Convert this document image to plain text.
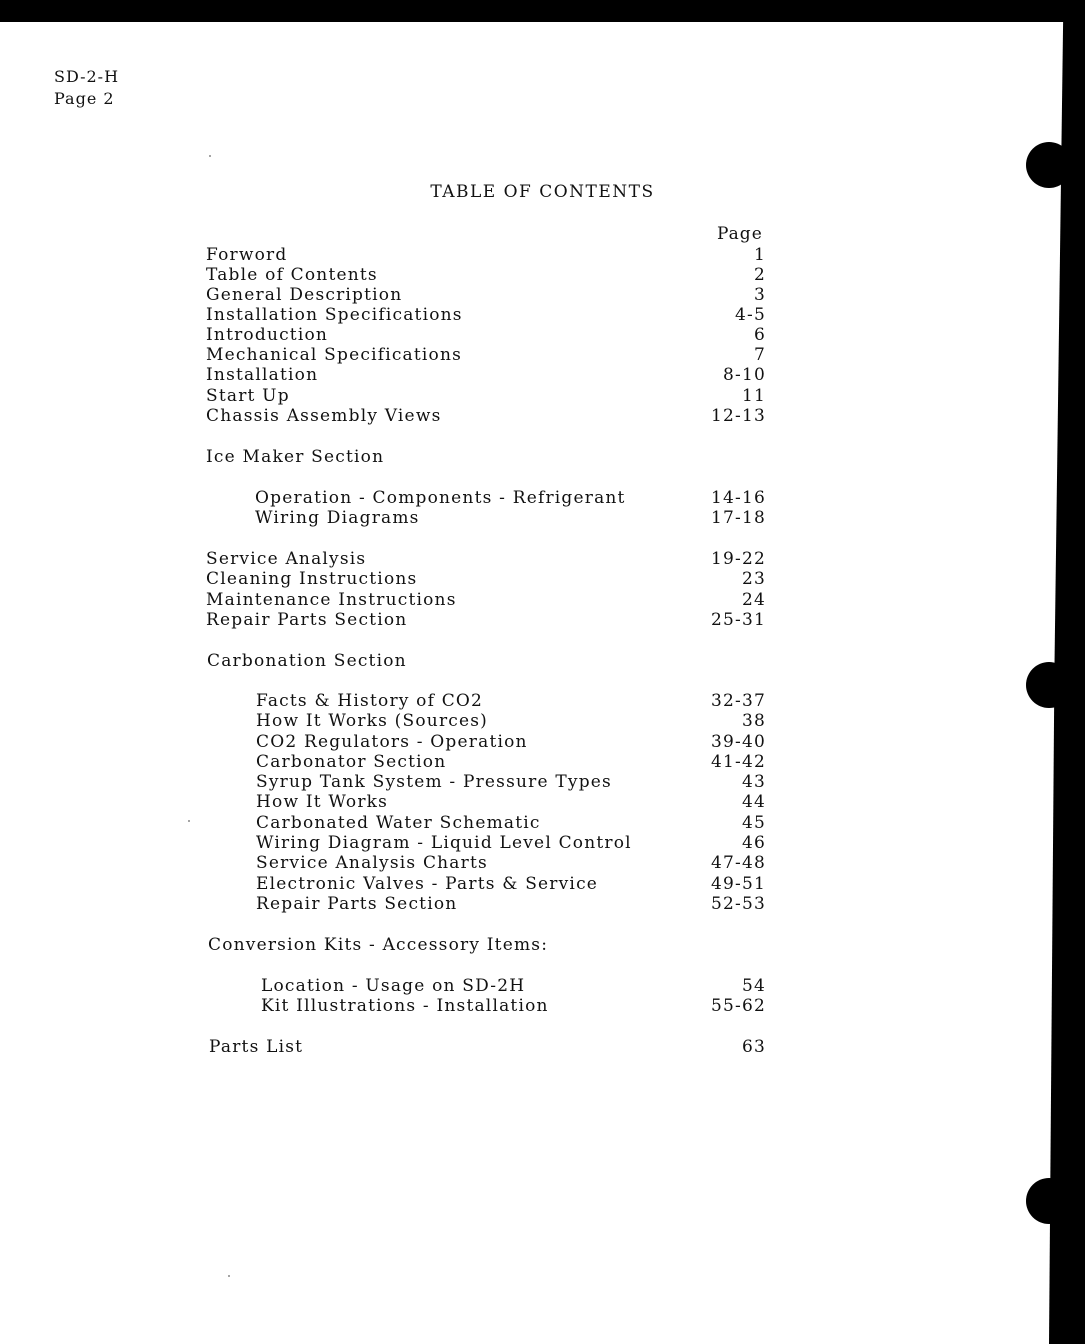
SD-2-H
Page 2
TABLE OF CONTENTS
Page
Forword	1
Table of Contents	2
General Description	3
Installation Specifications	4-5
Introduction	6
Mechanical Specifications	7
Installation	8-10
Start Up	11
Chassis Assembly Views	12-13
Ice Maker Section
Operation - Components - Refrigerant	14-16
Wiring Diagrams	17-18
Service Analysis	19-22
Cleaning Instructions	23
Maintenance Instructions	24
Repair Parts Section	25-31
Carbonation Section
Facts & History of CO2	32-37
How It Works (Sources)	38
CO2 Regulators - Operation	39-40
Carbonator Section	41-42
Syrup Tank System - Pressure Types	43
How It Works	44
Carbonated Water Schematic	45
Wiring Diagram - Liquid Level Control	46
Service Analysis Charts	47-48
Electronic Valves - Parts & Service	49-51
Repair Parts Section	52-53
Conversion Kits - Accessory Items:
Location - Usage on SD-2H	54
Kit Illustrations - Installation	55-62
Parts List	63
